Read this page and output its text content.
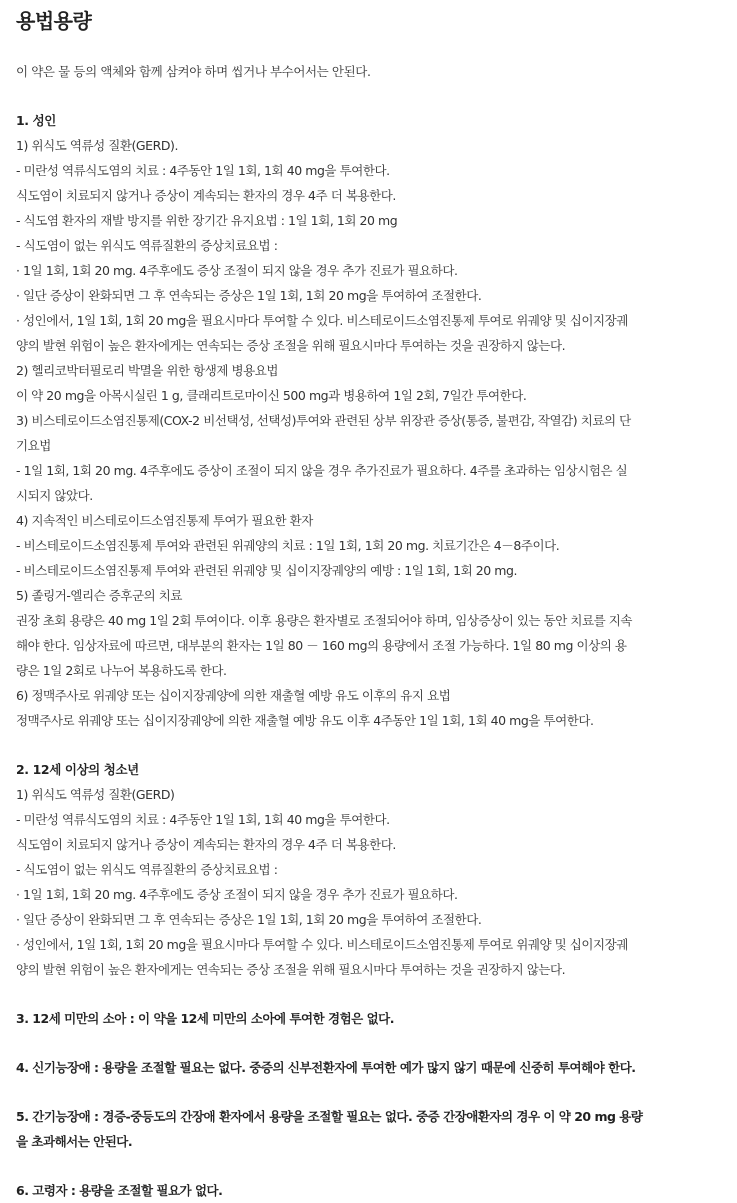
용법용량

이 약은 물 등의 액체와 함께 삼켜야 하며 씹거나 부수어서는 안된다.

1. 성인
1) 위식도 역류성 질환(GERD).
- 미란성 역류식도염의 치료 : 4주동안 1일 1회, 1회 40 mg을 투여한다.
식도염이 치료되지 않거나 증상이 계속되는 환자의 경우 4주 더 복용한다.
- 식도염 환자의 재발 방지를 위한 장기간 유지요법 : 1일 1회, 1회 20 mg
- 식도염이 없는 위식도 역류질환의 증상치료요법 :
· 1일 1회, 1회 20 mg. 4주후에도 증상 조절이 되지 않을 경우 추가 진료가 필요하다.
· 일단 증상이 완화되면 그 후 연속되는 증상은 1일 1회, 1회 20 mg을 투여하여 조절한다.
· 성인에서, 1일 1회, 1회 20 mg을 필요시마다 투여할 수 있다. 비스테로이드소염진통제 투여로 위궤양 및 십이지장궤
양의 발현 위험이 높은 환자에게는 연속되는 증상 조절을 위해 필요시마다 투여하는 것을 권장하지 않는다.
2) 헬리코박터필로리 박멸을 위한 항생제 병용요법
이 약 20 mg을 아목시실린 1 g, 클래리트로마이신 500 mg과 병용하여 1일 2회, 7일간 투여한다.
3) 비스테로이드소염진통제(COX-2 비선택성, 선택성)투여와 관련된 상부 위장관 증상(통증, 불편감, 작열감) 치료의 단
기요법
- 1일 1회, 1회 20 mg. 4주후에도 증상이 조절이 되지 않을 경우 추가진료가 필요하다. 4주를 초과하는 임상시험은 실
시되지 않았다.
4) 지속적인 비스테로이드소염진통제 투여가 필요한 환자
- 비스테로이드소염진통제 투여와 관련된 위궤양의 치료 : 1일 1회, 1회 20 mg. 치료기간은 4－8주이다.
- 비스테로이드소염진통제 투여와 관련된 위궤양 및 십이지장궤양의 예방 : 1일 1회, 1회 20 mg.
5) 졸링거-엘리슨 증후군의 치료
권장 초회 용량은 40 mg 1일 2회 투여이다. 이후 용량은 환자별로 조절되어야 하며, 임상증상이 있는 동안 치료를 지속
해야 한다. 임상자료에 따르면, 대부분의 환자는 1일 80 － 160 mg의 용량에서 조절 가능하다. 1일 80 mg 이상의 용
량은 1일 2회로 나누어 복용하도록 한다.
6) 정맥주사로 위궤양 또는 십이지장궤양에 의한 재출혈 예방 유도 이후의 유지 요법
정맥주사로 위궤양 또는 십이지장궤양에 의한 재출혈 예방 유도 이후 4주동안 1일 1회, 1회 40 mg을 투여한다.
2. 12세 이상의 청소년
1) 위식도 역류성 질환(GERD)
- 미란성 역류식도염의 치료 : 4주동안 1일 1회, 1회 40 mg을 투여한다.
식도염이 치료되지 않거나 증상이 계속되는 환자의 경우 4주 더 복용한다.
- 식도염이 없는 위식도 역류질환의 증상치료요법 :
· 1일 1회, 1회 20 mg. 4주후에도 증상 조절이 되지 않을 경우 추가 진료가 필요하다.
· 일단 증상이 완화되면 그 후 연속되는 증상은 1일 1회, 1회 20 mg을 투여하여 조절한다.
· 성인에서, 1일 1회, 1회 20 mg을 필요시마다 투여할 수 있다. 비스테로이드소염진통제 투여로 위궤양 및 십이지장궤
양의 발현 위험이 높은 환자에게는 연속되는 증상 조절을 위해 필요시마다 투여하는 것을 권장하지 않는다.

3. 12세 미만의 소아 : 이 약을 12세 미만의 소아에 투여한 경험은 없다.

4. 신기능장애 : 용량을 조절할 필요는 없다. 중증의 신부전환자에 투여한 예가 많지 않기 때문에 신중히 투여해야 한다.

5. 간기능장애 : 경증-중등도의 간장애 환자에서 용량을 조절할 필요는 없다. 중증 간장애환자의 경우 이 약 20 mg 용량
을 초과해서는 안된다.

6. 고령자 : 용량을 조절할 필요가 없다.
